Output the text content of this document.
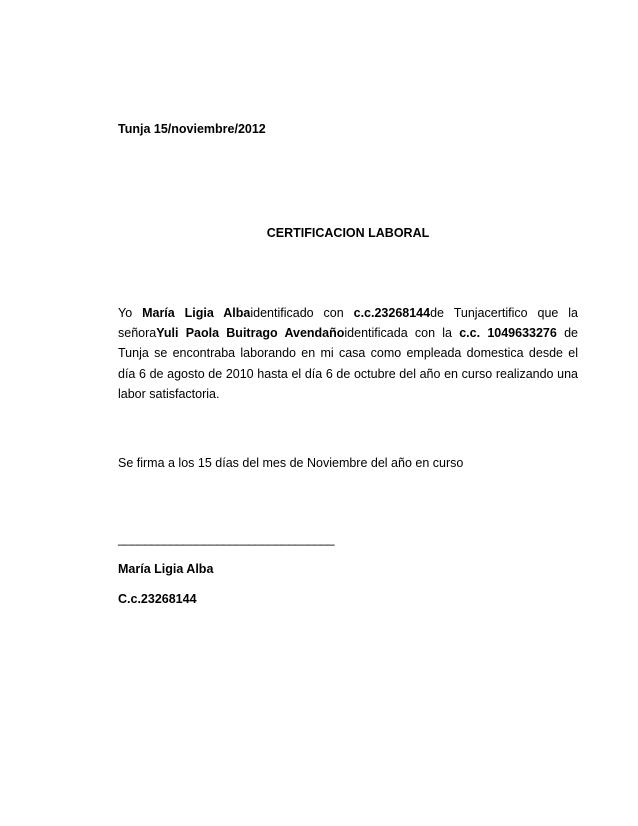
Tunja 15/noviembre/2012
CERTIFICACION LABORAL
Yo María Ligia Albaidentificado con c.c.23268144de Tunjacertifico que la señoraYuli Paola Buitrago Avendañoidentificada con la c.c. 1049633276 de Tunja se encontraba laborando en mi casa como empleada domestica desde el día 6 de agosto de 2010 hasta el día 6 de octubre del año en curso realizando una labor satisfactoria.
Se firma a los 15 días del mes de Noviembre del año en curso
_________________________________
María Ligia Alba
C.c.23268144
